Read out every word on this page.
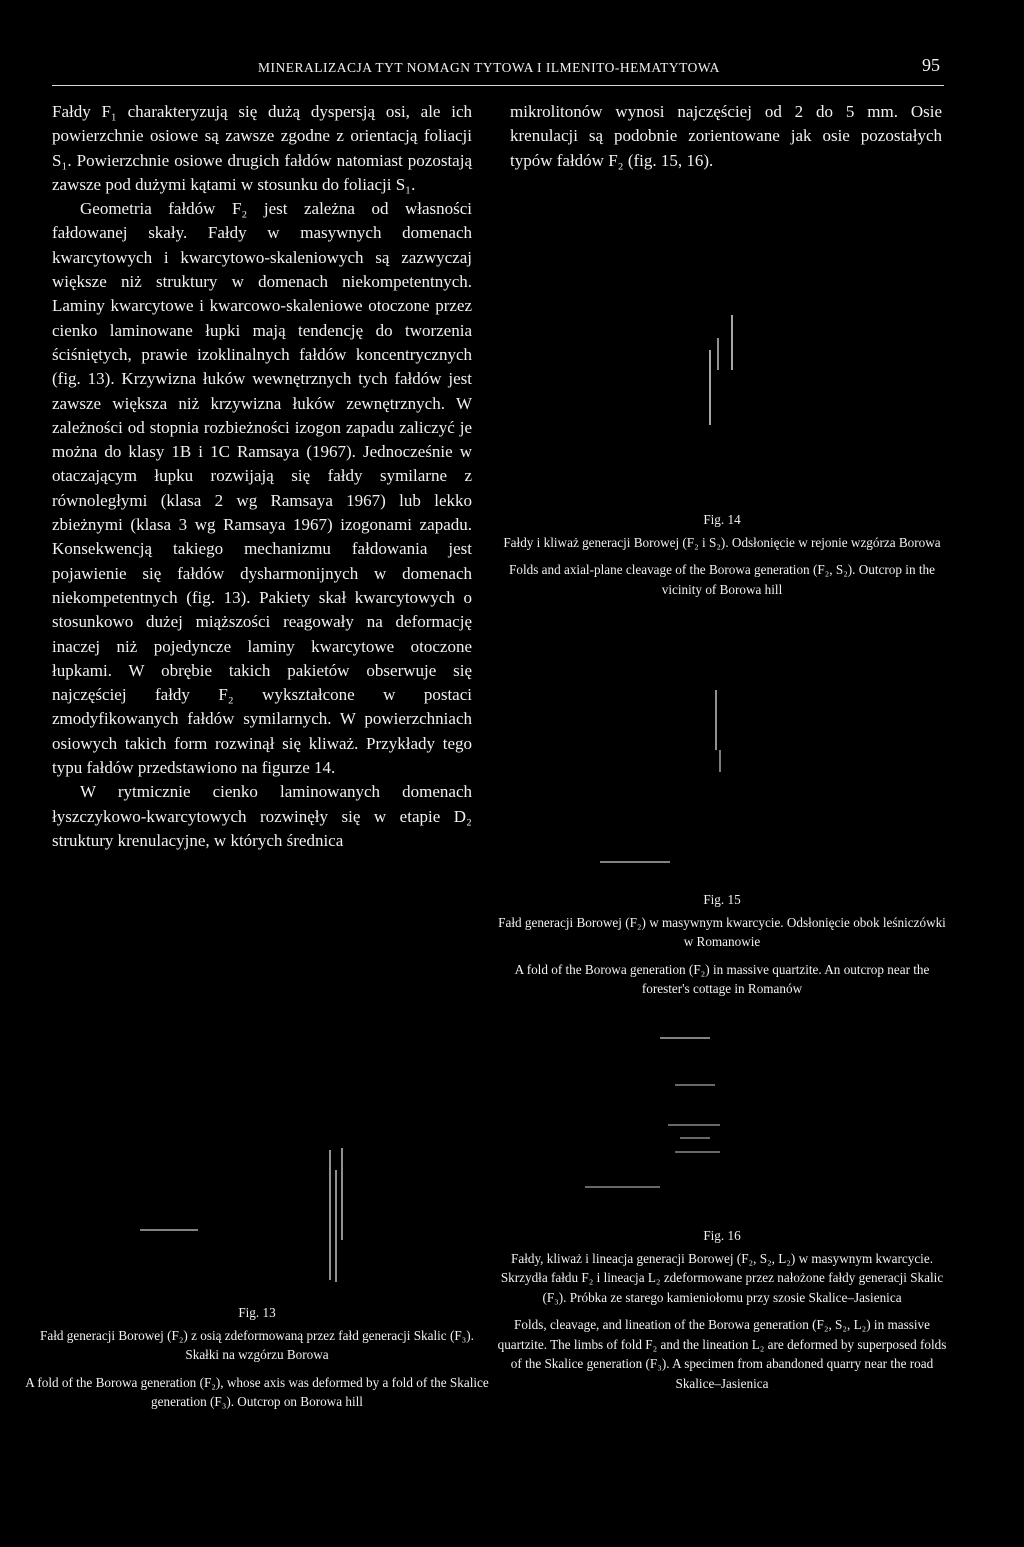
MINERALIZACJA TYT NOMAGN TYTOWA I ILMENITO-HEMATYTOWA	95

Fałdy F₁ charakteryzują się dużą dyspersją osi, ale ich powierzchnie osiowe są zawsze zgodne z orientacją foliacji S₁. Powierzchnie osiowe drugich fałdów natomiast pozostają zawsze pod dużymi kątami w stosunku do foliacji S₁.

Geometria fałdów F₂ jest zależna od własności fałdowanej skały. Fałdy w masywnych domenach kwarcytowych i kwarcytowo-skaleniowych są zazwyczaj większe niż struktury w domenach niekompetentnych. Laminy kwarcytowe i kwarcowo-skaleniowe otoczone przez cienko laminowane łupki mają tendencję do tworzenia ściśniętych, prawie izoklinalnych fałdów koncentrycznych (fig. 13). Krzywizna łuków wewnętrznych tych fałdów jest zawsze większa niż krzywizna łuków zewnętrznych. W zależności od stopnia rozbieżności izogon zapadu zaliczyć je można do klasy 1B i 1C Ramsaya (1967). Jednocześnie w otaczającym łupku rozwijają się fałdy symilarne z równoległymi (klasa 2 wg Ramsaya 1967) lub lekko zbieżnymi (klasa 3 wg Ramsaya 1967) izogonami zapadu. Konsekwencją takiego mechanizmu fałdowania jest pojawienie się fałdów dysharmonijnych w domenach niekompetentnych (fig. 13). Pakiety skał kwarcytowych o stosunkowo dużej miąższości reagowały na deformację inaczej niż pojedyncze laminy kwarcytowe otoczone łupkami. W obrębie takich pakietów obserwuje się najczęściej fałdy F₂ wykształcone w postaci zmodyfikowanych fałdów symilarnych. W powierzchniach osiowych takich form rozwinął się kliważ. Przykłady tego typu fałdów przedstawiono na figurze 14.

W rytmicznie cienko laminowanych domenach łyszczykowo-kwarcytowych rozwinęły się w etapie D₂ struktury krenulacyjne, w których średnica

mikrolitonów wynosi najczęściej od 2 do 5 mm. Osie krenulacji są podobnie zorientowane jak osie pozostałych typów fałdów F₂ (fig. 15, 16).

Fig. 14
Fałdy i kliważ generacji Borowej (F₂ i S₂). Odsłonięcie w rejonie wzgórza Borowa
Folds and axial-plane cleavage of the Borowa generation (F₂, S₂). Outcrop in the vicinity of Borowa hill
Fig. 15
Fałd generacji Borowej (F₂) w masywnym kwarcycie. Odsłonięcie obok leśniczówki w Romanowie
A fold of the Borowa generation (F₂) in massive quartzite. An outcrop near the forester's cottage in Romanów
Fig. 16
Fałdy, kliważ i lineacja generacji Borowej (F₂, S₂, L₂) w masywnym kwarcycie. Skrzydła fałdu F₂ i lineacja L₂ zdeformowane przez nałożone fałdy generacji Skalic (F₃). Próbka ze starego kamieniołomu przy szosie Skalice–Jasienica
Folds, cleavage, and lineation of the Borowa generation (F₂, S₂, L₂) in massive quartzite. The limbs of fold F₂ and the lineation L₂ are deformed by superposed folds of the Skalice generation (F₃). A specimen from abandoned quarry near the road Skalice–Jasienica
Fig. 13
Fałd generacji Borowej (F₂) z osią zdeformowaną przez fałd generacji Skalic (F₃). Skałki na wzgórzu Borowa
A fold of the Borowa generation (F₂), whose axis was deformed by a fold of the Skalice generation (F₃). Outcrop on Borowa hill
